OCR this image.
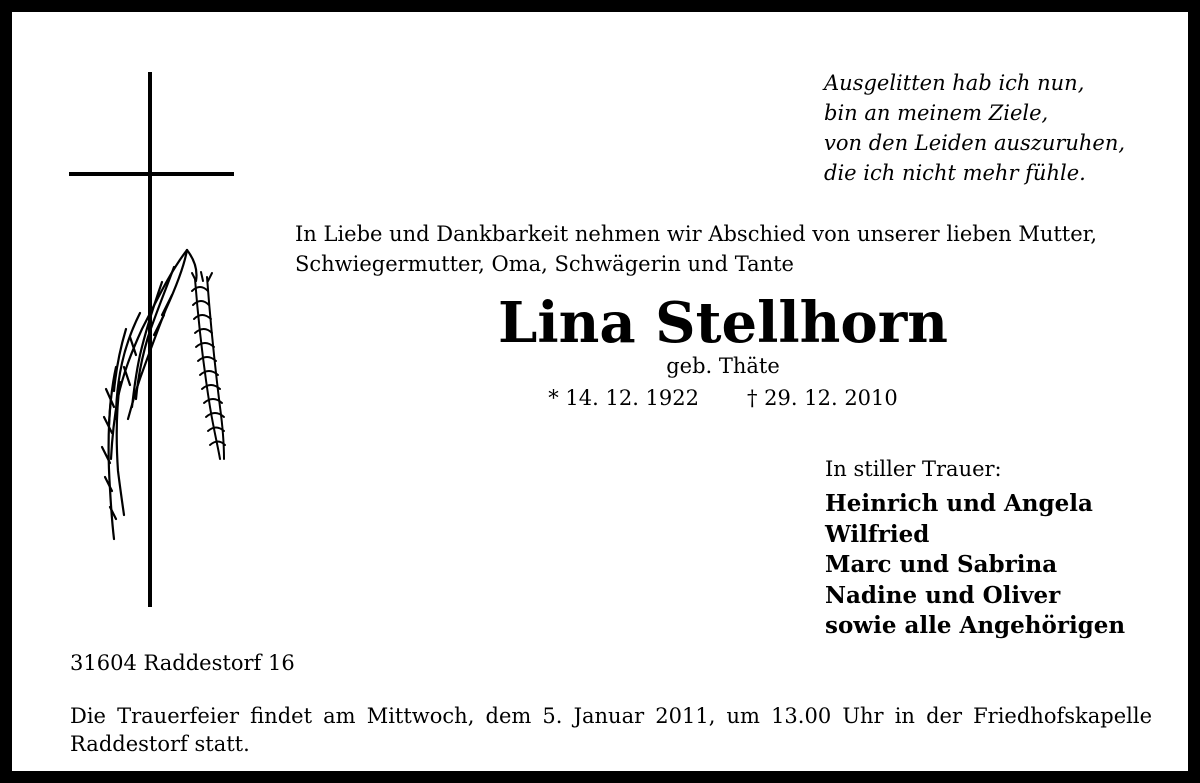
Ausgelitten hab ich nun,
bin an meinem Ziele,
von den Leiden auszuruhen,
die ich nicht mehr fühle.
In Liebe und Dankbarkeit nehmen wir Abschied von unserer lieben Mutter,
Schwiegermutter, Oma, Schwägerin und Tante
Lina Stellhorn
geb. Thäte
* 14. 12. 1922 † 29. 12. 2010
In stiller Trauer:
Heinrich und Angela
Wilfried
Marc und Sabrina
Nadine und Oliver
sowie alle Angehörigen
31604 Raddestorf 16
Die Trauerfeier findet am Mittwoch, dem 5. Januar 2011, um 13.00 Uhr in der Friedhofskapelle Raddestorf statt.
